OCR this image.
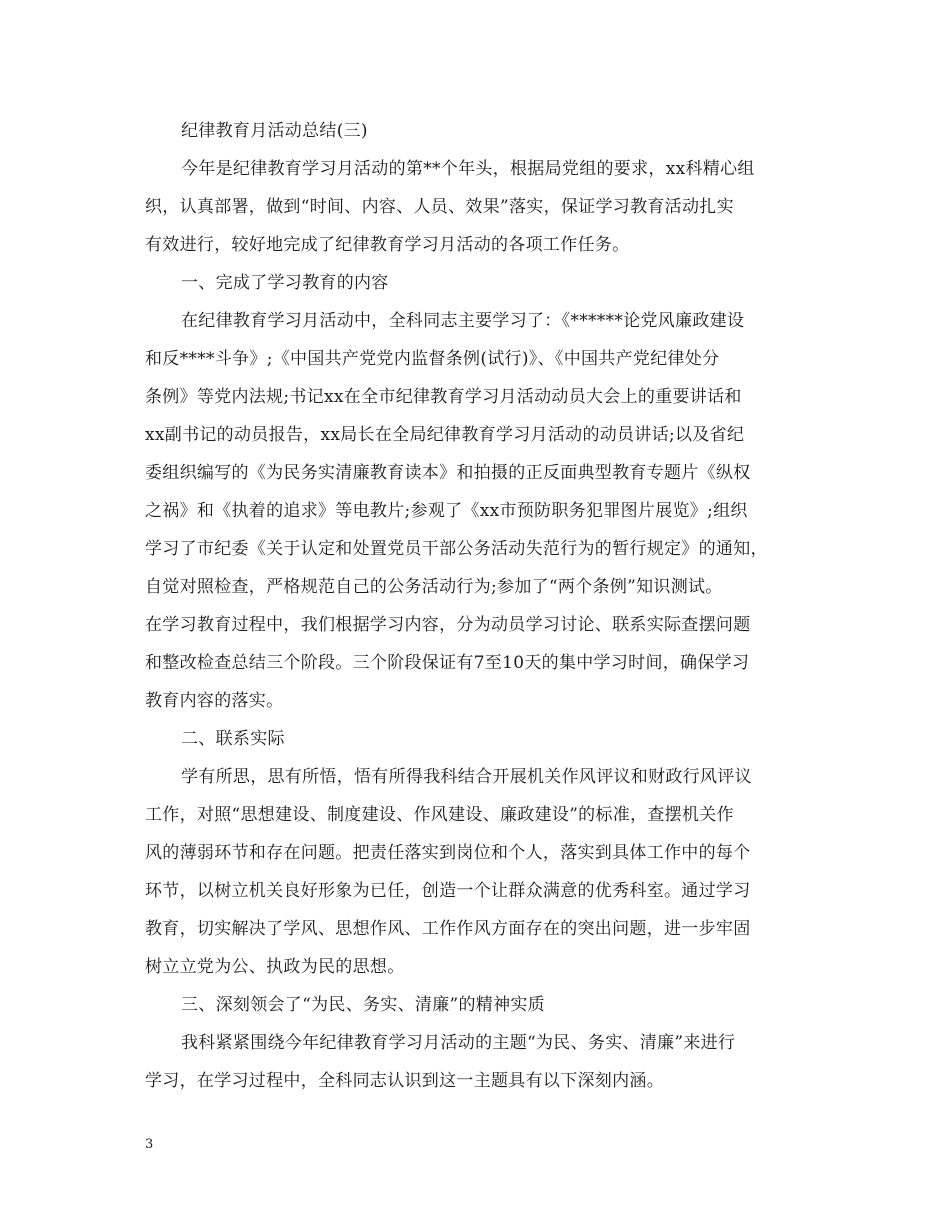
纪律教育月活动总结(三)
今年是纪律教育学习月活动的第**个年头，根据局党组的要求，xx科精心组
织，认真部署，做到“时间、内容、人员、效果”落实，保证学习教育活动扎实
有效进行，较好地完成了纪律教育学习月活动的各项工作任务。
一、完成了学习教育的内容
在纪律教育学习月活动中，全科同志主要学习了：《******论党风廉政建设
和反****斗争》;《中国共产党党内监督条例(试行)》、《中国共产党纪律处分
条例》等党内法规;书记xx在全市纪律教育学习月活动动员大会上的重要讲话和
xx副书记的动员报告，xx局长在全局纪律教育学习月活动的动员讲话;以及省纪
委组织编写的《为民务实清廉教育读本》和拍摄的正反面典型教育专题片《纵权
之祸》和《执着的追求》等电教片;参观了《xx市预防职务犯罪图片展览》;组织
学习了市纪委《关于认定和处置党员干部公务活动失范行为的暂行规定》的通知，
自觉对照检查，严格规范自己的公务活动行为;参加了“两个条例”知识测试。
在学习教育过程中，我们根据学习内容，分为动员学习讨论、联系实际查摆问题
和整改检查总结三个阶段。三个阶段保证有7至10天的集中学习时间，确保学习
教育内容的落实。
二、联系实际
学有所思，思有所悟，悟有所得我科结合开展机关作风评议和财政行风评议
工作，对照“思想建设、制度建设、作风建设、廉政建设”的标准，查摆机关作
风的薄弱环节和存在问题。把责任落实到岗位和个人，落实到具体工作中的每个
环节，以树立机关良好形象为已任，创造一个让群众满意的优秀科室。通过学习
教育，切实解决了学风、思想作风、工作作风方面存在的突出问题，进一步牢固
树立立党为公、执政为民的思想。
三、深刻领会了“为民、务实、清廉”的精神实质
我科紧紧围绕今年纪律教育学习月活动的主题“为民、务实、清廉”来进行
学习，在学习过程中，全科同志认识到这一主题具有以下深刻内涵。
3
